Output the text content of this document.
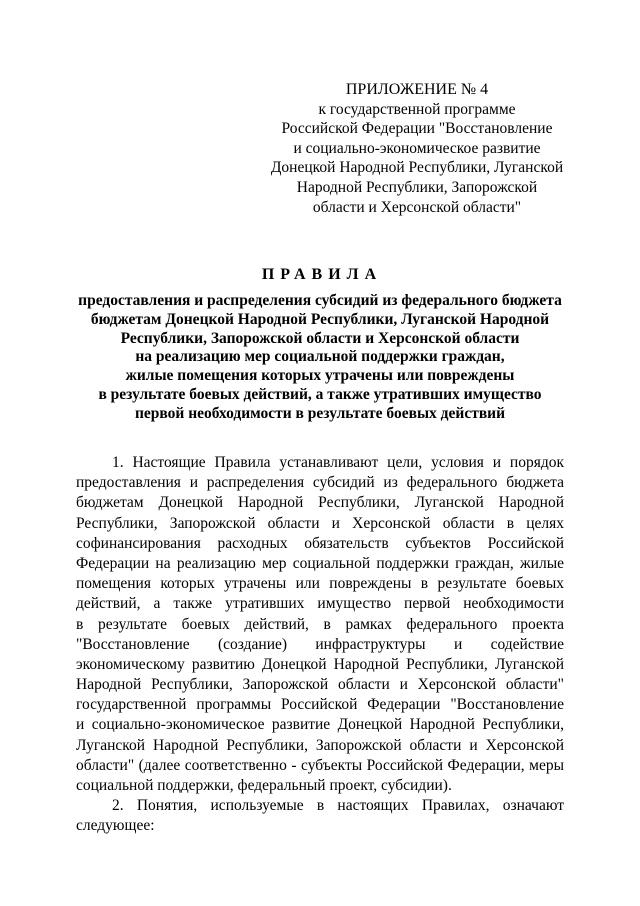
ПРИЛОЖЕНИЕ № 4
к государственной программе
Российской Федерации "Восстановление
и социально-экономическое развитие
Донецкой Народной Республики, Луганской
Народной Республики, Запорожской
области и Херсонской области"
ПРАВИЛА
предоставления и распределения субсидий из федерального бюджета
бюджетам Донецкой Народной Республики, Луганской Народной
Республики, Запорожской области и Херсонской области
на реализацию мер социальной поддержки граждан,
жилые помещения которых утрачены или повреждены
в результате боевых действий, а также утративших имущество
первой необходимости в результате боевых действий
1. Настоящие Правила устанавливают цели, условия и порядок
предоставления и распределения субсидий из федерального бюджета
бюджетам Донецкой Народной Республики, Луганской Народной
Республики, Запорожской области и Херсонской области в целях
софинансирования расходных обязательств субъектов Российской
Федерации на реализацию мер социальной поддержки граждан, жилые
помещения которых утрачены или повреждены в результате боевых
действий, а также утративших имущество первой необходимости
в результате боевых действий, в рамках федерального проекта
"Восстановление (создание) инфраструктуры и содействие
экономическому развитию Донецкой Народной Республики, Луганской
Народной Республики, Запорожской области и Херсонской области"
государственной программы Российской Федерации "Восстановление
и социально-экономическое развитие Донецкой Народной Республики,
Луганской Народной Республики, Запорожской области и Херсонской
области" (далее соответственно - субъекты Российской Федерации, меры
социальной поддержки, федеральный проект, субсидии).
2. Понятия, используемые в настоящих Правилах, означают
следующее:
